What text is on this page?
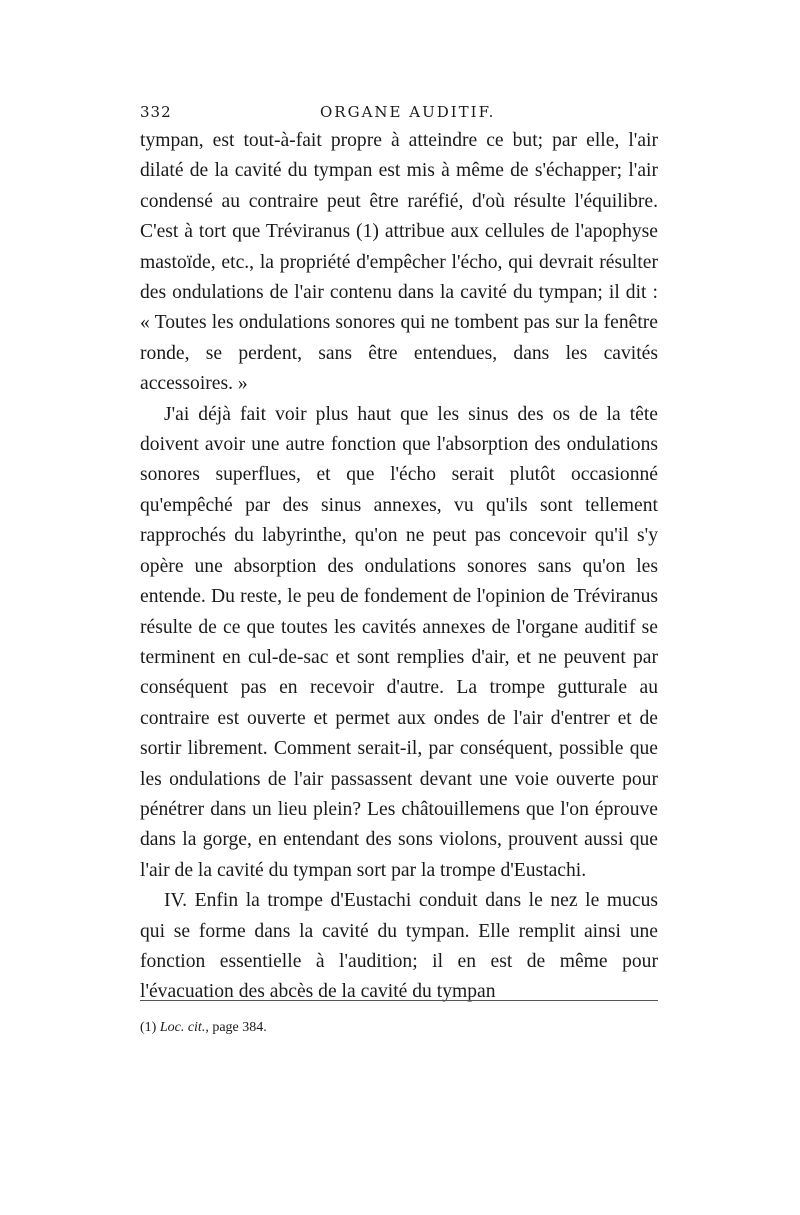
332	ORGANE AUDITIF.

tympan, est tout-à-fait propre à atteindre ce but; par elle, l'air dilaté de la cavité du tympan est mis à même de s'échapper; l'air condensé au contraire peut être raréfié, d'où résulte l'équilibre. C'est à tort que Tréviranus (1) attribue aux cellules de l'apophyse mastoïde, etc., la propriété d'empêcher l'écho, qui devrait résulter des ondulations de l'air contenu dans la cavité du tympan; il dit : « Toutes les ondulations sonores qui ne tombent pas sur la fenêtre ronde, se perdent, sans être entendues, dans les cavités accessoires. »

J'ai déjà fait voir plus haut que les sinus des os de la tête doivent avoir une autre fonction que l'absorption des ondulations sonores superflues, et que l'écho serait plutôt occasionné qu'empêché par des sinus annexes, vu qu'ils sont tellement rapprochés du labyrinthe, qu'on ne peut pas concevoir qu'il s'y opère une absorption des ondulations sonores sans qu'on les entende. Du reste, le peu de fondement de l'opinion de Tréviranus résulte de ce que toutes les cavités annexes de l'organe auditif se terminent en cul-de-sac et sont remplies d'air, et ne peuvent par conséquent pas en recevoir d'autre. La trompe gutturale au contraire est ouverte et permet aux ondes de l'air d'entrer et de sortir librement. Comment serait-il, par conséquent, possible que les ondulations de l'air passassent devant une voie ouverte pour pénétrer dans un lieu plein? Les châtouillemens que l'on éprouve dans la gorge, en entendant des sons violons, prouvent aussi que l'air de la cavité du tympan sort par la trompe d'Eustachi.

IV. Enfin la trompe d'Eustachi conduit dans le nez le mucus qui se forme dans la cavité du tympan. Elle remplit ainsi une fonction essentielle à l'audition; il en est de même pour l'évacuation des abcès de la cavité du tympan

(1) Loc. cit., page 384.
